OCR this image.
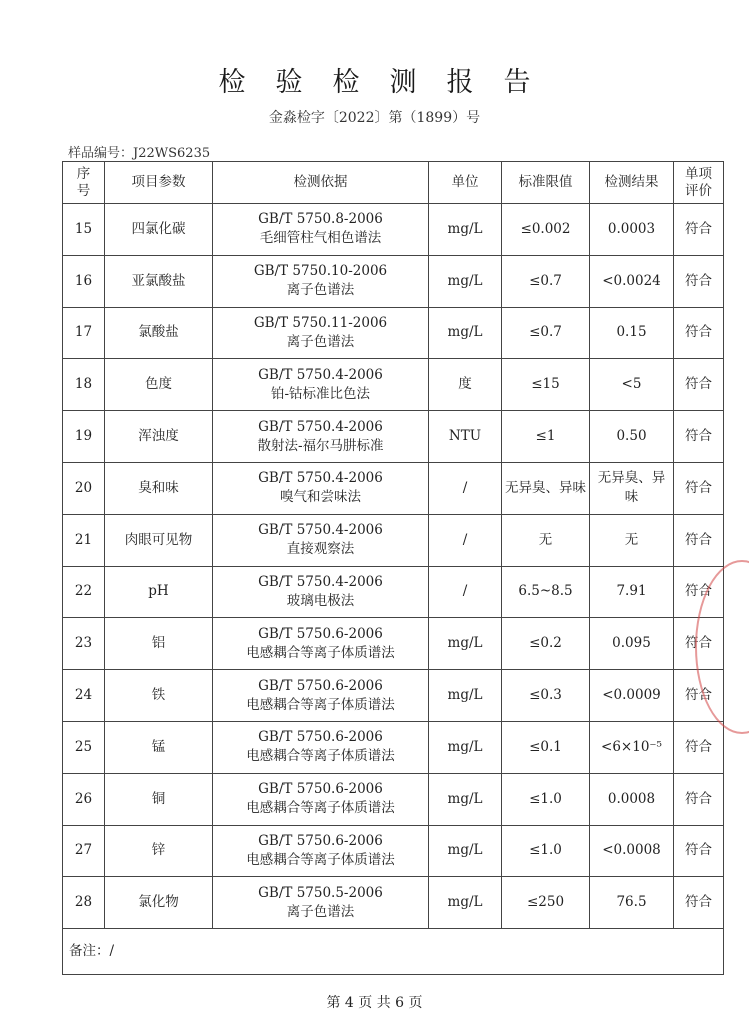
检验检测报告
金淼检字〔2022〕第（1899）号
样品编号：J22WS6235
序
号	项目参数	检测依据	单位	标准限值	检测结果	单项
评价

15	四氯化碳	GB/T 5750.8-2006
毛细管柱气相色谱法	mg/L	≤0.002	0.0003	符合
16	亚氯酸盐	GB/T 5750.10-2006
离子色谱法	mg/L	≤0.7	<0.0024	符合
17	氯酸盐	GB/T 5750.11-2006
离子色谱法	mg/L	≤0.7	0.15	符合
18	色度	GB/T 5750.4-2006
铂-钴标准比色法	度	≤15	<5	符合
19	浑浊度	GB/T 5750.4-2006
散射法-福尔马肼标准	NTU	≤1	0.50	符合
20	臭和味	GB/T 5750.4-2006
嗅气和尝味法	/	无异臭、异味	无异臭、异味	符合
21	肉眼可见物	GB/T 5750.4-2006
直接观察法	/	无	无	符合
22	pH	GB/T 5750.4-2006
玻璃电极法	/	6.5~8.5	7.91	符合
23	铝	GB/T 5750.6-2006
电感耦合等离子体质谱法	mg/L	≤0.2	0.095	符合
24	铁	GB/T 5750.6-2006
电感耦合等离子体质谱法	mg/L	≤0.3	<0.0009	符合
25	锰	GB/T 5750.6-2006
电感耦合等离子体质谱法	mg/L	≤0.1	<6×10⁻⁵	符合
26	铜	GB/T 5750.6-2006
电感耦合等离子体质谱法	mg/L	≤1.0	0.0008	符合
27	锌	GB/T 5750.6-2006
电感耦合等离子体质谱法	mg/L	≤1.0	<0.0008	符合
28	氯化物	GB/T 5750.5-2006
离子色谱法	mg/L	≤250	76.5	符合
备注：/						
第 4 页 共 6 页
